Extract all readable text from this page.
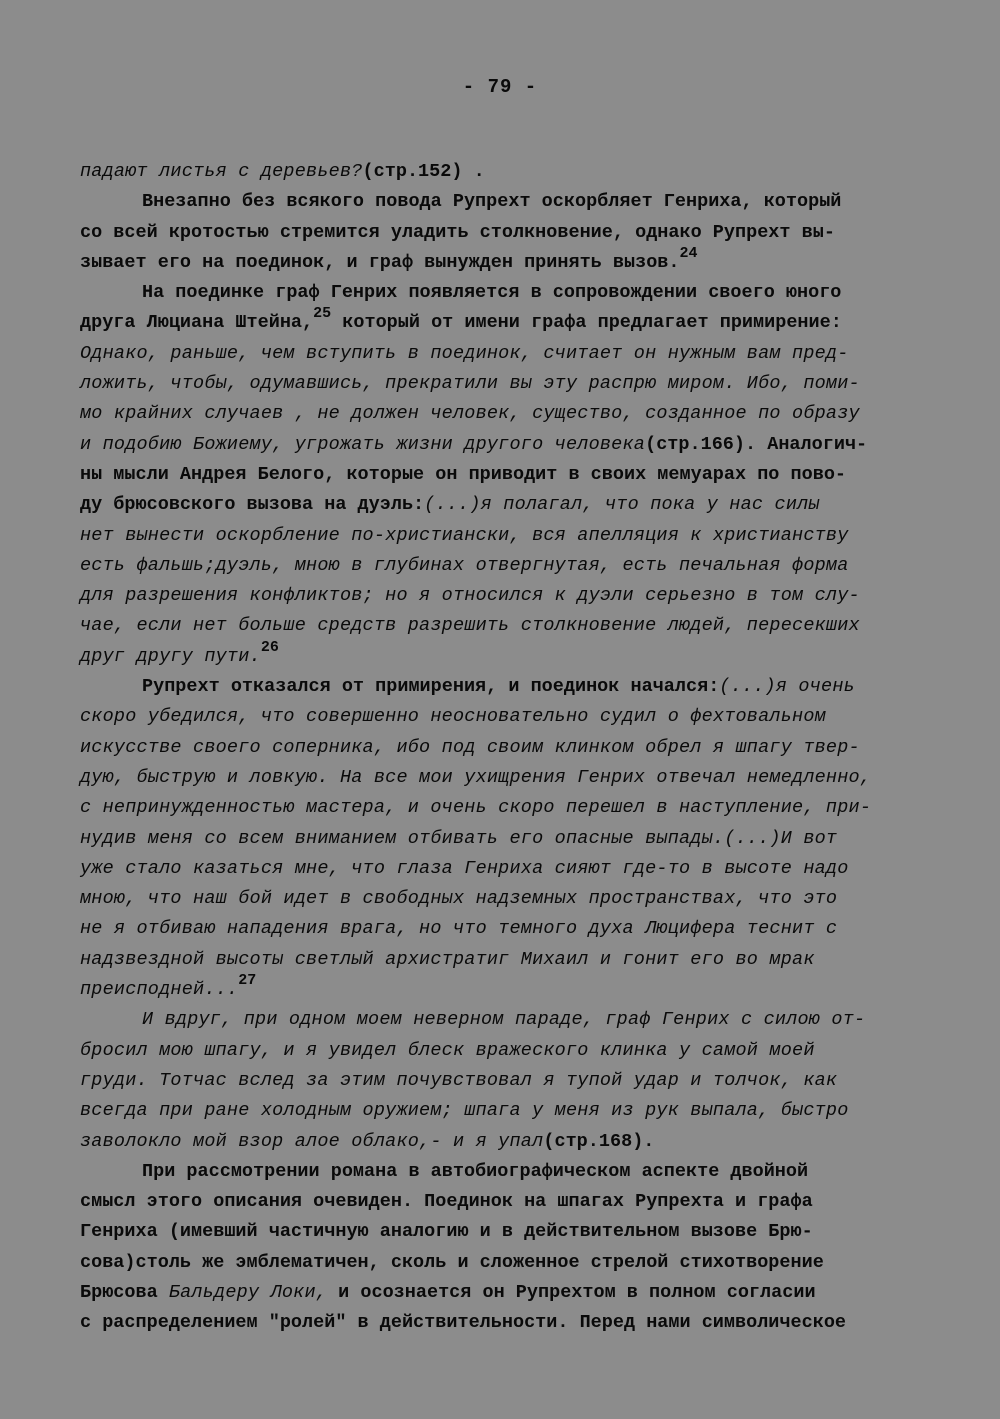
- 79 -
падают листья с деревьев?(стр.152) .
Внезапно без всякого повода Рупрехт оскорбляет Генриха, который
со всей кротостью стремится уладить столкновение, однако Рупрехт вы-
зывает его на поединок, и граф вынужден принять вызов.$^{24}$
На поединке граф Генрих появляется в сопровождении своего юного
друга Люциана Штейна,$^{25}$ который от имени графа предлагает примирение:
Однако, раньше, чем вступить в поединок, считает он нужным вам пред-
ложить, чтобы, одумавшись, прекратили вы эту распрю миром. Ибо, поми-
мо крайних случаев , не должен человек, существо, созданное по образу
и подобию Божиему, угрожать жизни другого человека(стр.166). Аналогич-
ны мысли Андрея Белого, которые он приводит в своих мемуарах по пово-
ду брюсовского вызова на дуэль:(...)я полагал, что пока у нас силы
нет вынести оскорбление по-христиански, вся апелляция к христианству
есть фальшь;дуэль, мною в глубинах отвергнутая, есть печальная форма
для разрешения конфликтов; но я относился к дуэли серьезно в том слу-
чае, если нет больше средств разрешить столкновение людей, пересекших
друг другу пути.$^{26}$
Рупрехт отказался от примирения, и поединок начался:(...)я очень
скоро убедился, что совершенно неосновательно судил о фехтовальном
искусстве своего соперника, ибо под своим клинком обрел я шпагу твер-
дую, быструю и ловкую. На все мои ухищрения Генрих отвечал немедленно,
с непринужденностью мастера, и очень скоро перешел в наступление, при-
нудив меня со всем вниманием отбивать его опасные выпады.(...)И вот
уже стало казаться мне, что глаза Генриха сияют где-то в высоте надо
мною, что наш бой идет в свободных надземных пространствах, что это
не я отбиваю нападения врага, но что темного духа Люцифера теснит с
надзвездной высоты светлый архистратиг Михаил и гонит его во мрак
преисподней...$^{27}$
И вдруг, при одном моем неверном параде, граф Генрих с силою от-
бросил мою шпагу, и я увидел блеск вражеского клинка у самой моей
груди. Тотчас вслед за этим почувствовал я тупой удар и толчок, как
всегда при ране холодным оружием; шпага у меня из рук выпала, быстро
заволокло мой взор алое облако,- и я упал(стр.168).
При рассмотрении романа в автобиографическом аспекте двойной
смысл этого описания очевиден. Поединок на шпагах Рупрехта и графа
Генриха (имевший частичную аналогию и в действительном вызове Брю-
сова)столь же эмблематичен, сколь и сложенное стрелой стихотворение
Брюсова Бальдеру Локи, и осознается он Рупрехтом в полном согласии
с распределением "ролей" в действительности. Перед нами символическое
